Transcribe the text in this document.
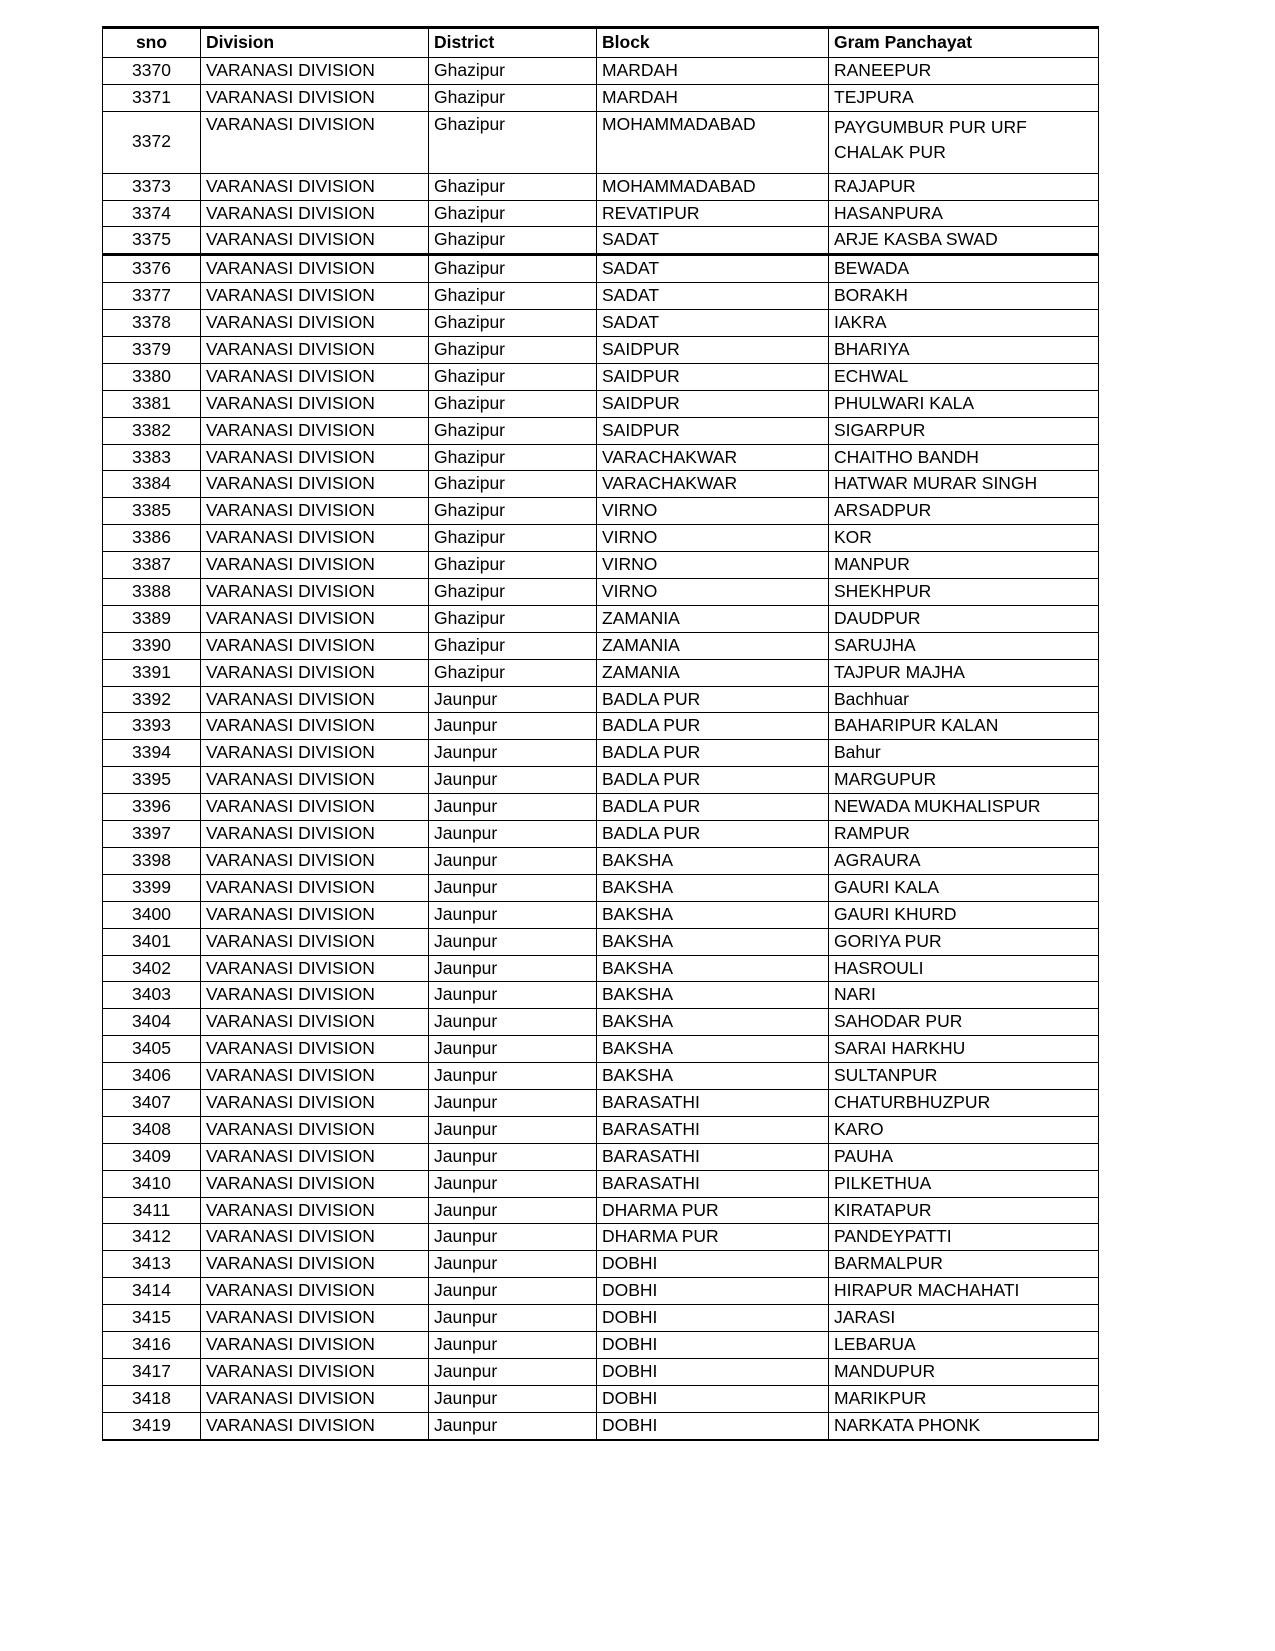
sno	Division	District	Block	Gram Panchayat
3370	VARANASI DIVISION	Ghazipur	MARDAH	RANEEPUR
3371	VARANASI DIVISION	Ghazipur	MARDAH	TEJPURA
3372	VARANASI DIVISION	Ghazipur	MOHAMMADABAD	PAYGUMBUR PUR URF CHALAK PUR
3373	VARANASI DIVISION	Ghazipur	MOHAMMADABAD	RAJAPUR
3374	VARANASI DIVISION	Ghazipur	REVATIPUR	HASANPURA
3375	VARANASI DIVISION	Ghazipur	SADAT	ARJE KASBA SWAD
3376	VARANASI DIVISION	Ghazipur	SADAT	BEWADA
3377	VARANASI DIVISION	Ghazipur	SADAT	BORAKH
3378	VARANASI DIVISION	Ghazipur	SADAT	IAKRA
3379	VARANASI DIVISION	Ghazipur	SAIDPUR	BHARIYA
3380	VARANASI DIVISION	Ghazipur	SAIDPUR	ECHWAL
3381	VARANASI DIVISION	Ghazipur	SAIDPUR	PHULWARI KALA
3382	VARANASI DIVISION	Ghazipur	SAIDPUR	SIGARPUR
3383	VARANASI DIVISION	Ghazipur	VARACHAKWAR	CHAITHO BANDH
3384	VARANASI DIVISION	Ghazipur	VARACHAKWAR	HATWAR MURAR SINGH
3385	VARANASI DIVISION	Ghazipur	VIRNO	ARSADPUR
3386	VARANASI DIVISION	Ghazipur	VIRNO	KOR
3387	VARANASI DIVISION	Ghazipur	VIRNO	MANPUR
3388	VARANASI DIVISION	Ghazipur	VIRNO	SHEKHPUR
3389	VARANASI DIVISION	Ghazipur	ZAMANIA	DAUDPUR
3390	VARANASI DIVISION	Ghazipur	ZAMANIA	SARUJHA
3391	VARANASI DIVISION	Ghazipur	ZAMANIA	TAJPUR MAJHA
3392	VARANASI DIVISION	Jaunpur	BADLA PUR	Bachhuar
3393	VARANASI DIVISION	Jaunpur	BADLA PUR	BAHARIPUR KALAN
3394	VARANASI DIVISION	Jaunpur	BADLA PUR	Bahur
3395	VARANASI DIVISION	Jaunpur	BADLA PUR	MARGUPUR
3396	VARANASI DIVISION	Jaunpur	BADLA PUR	NEWADA MUKHALISPUR
3397	VARANASI DIVISION	Jaunpur	BADLA PUR	RAMPUR
3398	VARANASI DIVISION	Jaunpur	BAKSHA	AGRAURA
3399	VARANASI DIVISION	Jaunpur	BAKSHA	GAURI KALA
3400	VARANASI DIVISION	Jaunpur	BAKSHA	GAURI KHURD
3401	VARANASI DIVISION	Jaunpur	BAKSHA	GORIYA PUR
3402	VARANASI DIVISION	Jaunpur	BAKSHA	HASROULI
3403	VARANASI DIVISION	Jaunpur	BAKSHA	NARI
3404	VARANASI DIVISION	Jaunpur	BAKSHA	SAHODAR PUR
3405	VARANASI DIVISION	Jaunpur	BAKSHA	SARAI HARKHU
3406	VARANASI DIVISION	Jaunpur	BAKSHA	SULTANPUR
3407	VARANASI DIVISION	Jaunpur	BARASATHI	CHATURBHUZPUR
3408	VARANASI DIVISION	Jaunpur	BARASATHI	KARO
3409	VARANASI DIVISION	Jaunpur	BARASATHI	PAUHA
3410	VARANASI DIVISION	Jaunpur	BARASATHI	PILKETHUA
3411	VARANASI DIVISION	Jaunpur	DHARMA PUR	KIRATAPUR
3412	VARANASI DIVISION	Jaunpur	DHARMA PUR	PANDEYPATTI
3413	VARANASI DIVISION	Jaunpur	DOBHI	BARMALPUR
3414	VARANASI DIVISION	Jaunpur	DOBHI	HIRAPUR MACHAHATI
3415	VARANASI DIVISION	Jaunpur	DOBHI	JARASI
3416	VARANASI DIVISION	Jaunpur	DOBHI	LEBARUA
3417	VARANASI DIVISION	Jaunpur	DOBHI	MANDUPUR
3418	VARANASI DIVISION	Jaunpur	DOBHI	MARIKPUR
3419	VARANASI DIVISION	Jaunpur	DOBHI	NARKATA PHONK
